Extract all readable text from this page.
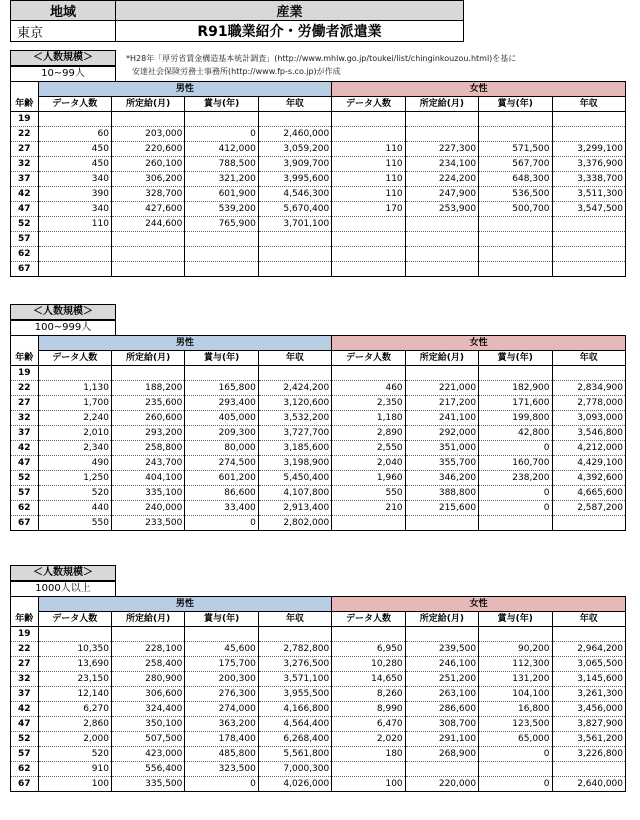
地域	産業
東京	R91職業紹介・労働者派遣業
*H28年「厚労省賃金構造基本統計調査」(http://www.mhlw.go.jp/toukei/list/chinginkouzou.html)を基に
安達社会保険労務士事務所(http://www.fp-s.co.jp)が作成
＜人数規模＞
10~99人
年齢	男性				女性			
	データ人数	所定給(月)	賞与(年)	年収	データ人数	所定給(月)	賞与(年)	年収
19								
22	60	203,000	0	2,460,000				
27	450	220,600	412,000	3,059,200	110	227,300	571,500	3,299,100
32	450	260,100	788,500	3,909,700	110	234,100	567,700	3,376,900
37	340	306,200	321,200	3,995,600	110	224,200	648,300	3,338,700
42	390	328,700	601,900	4,546,300	110	247,900	536,500	3,511,300
47	340	427,600	539,200	5,670,400	170	253,900	500,700	3,547,500
52	110	244,600	765,900	3,701,100				
57								
62								
67								
＜人数規模＞
100~999人
年齢	男性				女性			
	データ人数	所定給(月)	賞与(年)	年収	データ人数	所定給(月)	賞与(年)	年収
19								
22	1,130	188,200	165,800	2,424,200	460	221,000	182,900	2,834,900
27	1,700	235,600	293,400	3,120,600	2,350	217,200	171,600	2,778,000
32	2,240	260,600	405,000	3,532,200	1,180	241,100	199,800	3,093,000
37	2,010	293,200	209,300	3,727,700	2,890	292,000	42,800	3,546,800
42	2,340	258,800	80,000	3,185,600	2,550	351,000	0	4,212,000
47	490	243,700	274,500	3,198,900	2,040	355,700	160,700	4,429,100
52	1,250	404,100	601,200	5,450,400	1,960	346,200	238,200	4,392,600
57	520	335,100	86,600	4,107,800	550	388,800	0	4,665,600
62	440	240,000	33,400	2,913,400	210	215,600	0	2,587,200
67	550	233,500	0	2,802,000				
＜人数規模＞
1000人以上
年齢	男性				女性			
	データ人数	所定給(月)	賞与(年)	年収	データ人数	所定給(月)	賞与(年)	年収
19								
22	10,350	228,100	45,600	2,782,800	6,950	239,500	90,200	2,964,200
27	13,690	258,400	175,700	3,276,500	10,280	246,100	112,300	3,065,500
32	23,150	280,900	200,300	3,571,100	14,650	251,200	131,200	3,145,600
37	12,140	306,600	276,300	3,955,500	8,260	263,100	104,100	3,261,300
42	6,270	324,400	274,000	4,166,800	8,990	286,600	16,800	3,456,000
47	2,860	350,100	363,200	4,564,400	6,470	308,700	123,500	3,827,900
52	2,000	507,500	178,400	6,268,400	2,020	291,100	65,000	3,561,200
57	520	423,000	485,800	5,561,800	180	268,900	0	3,226,800
62	910	556,400	323,500	7,000,300				
67	100	335,500	0	4,026,000	100	220,000	0	2,640,000
